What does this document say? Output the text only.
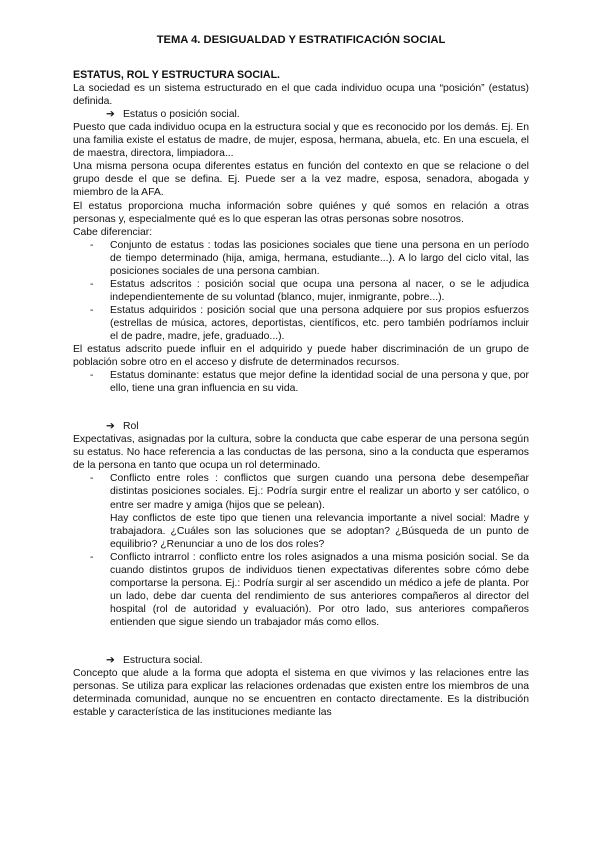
TEMA 4. DESIGUALDAD Y ESTRATIFICACIÓN SOCIAL
ESTATUS, ROL Y ESTRUCTURA SOCIAL.

La sociedad es un sistema estructurado en el que cada individuo ocupa una “posición” (estatus) definida.

➔ Estatus o posición social.

Puesto que cada individuo ocupa en la estructura social y que es reconocido por los demás. Ej. En una familia existe el estatus de madre, de mujer, esposa, hermana, abuela, etc. En una escuela, el de maestra, directora, limpiadora...

Una misma persona ocupa diferentes estatus en función del contexto en que se relacione o del grupo desde el que se defina. Ej. Puede ser a la vez madre, esposa, senadora, abogada y miembro de la AFA.

El estatus proporciona mucha información sobre quiénes y qué somos en relación a otras personas y, especialmente qué es lo que esperan las otras personas sobre nosotros.

Cabe diferenciar:

- Conjunto de estatus : todas las posiciones sociales que tiene una persona en un período de tiempo determinado (hija, amiga, hermana, estudiante...). A lo largo del ciclo vital, las posiciones sociales de una persona cambian.
- Estatus adscritos : posición social que ocupa una persona al nacer, o se le adjudica independientemente de su voluntad (blanco, mujer, inmigrante, pobre...).
- Estatus adquiridos : posición social que una persona adquiere por sus propios esfuerzos (estrellas de música, actores, deportistas, científicos, etc. pero también podríamos incluir el de padre, madre, jefe, graduado...).

El estatus adscrito puede influir en el adquirido y puede haber discriminación de un grupo de población sobre otro en el acceso y disfrute de determinados recursos.

- Estatus dominante: estatus que mejor define la identidad social de una persona y que, por ello, tiene una gran influencia en su vida.
➔ Rol

Expectativas, asignadas por la cultura, sobre la conducta que cabe esperar de una persona según su estatus. No hace referencia a las conductas de las persona, sino a la conducta que esperamos de la persona en tanto que ocupa un rol determinado.

- Conflicto entre roles : conflictos que surgen cuando una persona debe desempeñar distintas posiciones sociales. Ej.: Podría surgir entre el realizar un aborto y ser católico, o entre ser madre y amiga (hijos que se pelean).
Hay conflictos de este tipo que tienen una relevancia importante a nivel social: Madre y trabajadora. ¿Cuáles son las soluciones que se adoptan? ¿Búsqueda de un punto de equilibrio? ¿Renunciar a uno de los dos roles?
- Conflicto intrarrol : conflicto entre los roles asignados a una misma posición social. Se da cuando distintos grupos de individuos tienen expectativas diferentes sobre cómo debe comportarse la persona. Ej.: Podría surgir al ser ascendido un médico a jefe de planta. Por un lado, debe dar cuenta del rendimiento de sus anteriores compañeros al director del hospital (rol de autoridad y evaluación). Por otro lado, sus anteriores compañeros entienden que sigue siendo un trabajador más como ellos.
➔ Estructura social.

Concepto que alude a la forma que adopta el sistema en que vivimos y las relaciones entre las personas. Se utiliza para explicar las relaciones ordenadas que existen entre los miembros de una determinada comunidad, aunque no se encuentren en contacto directamente. Es la distribución estable y característica de las instituciones mediante las
